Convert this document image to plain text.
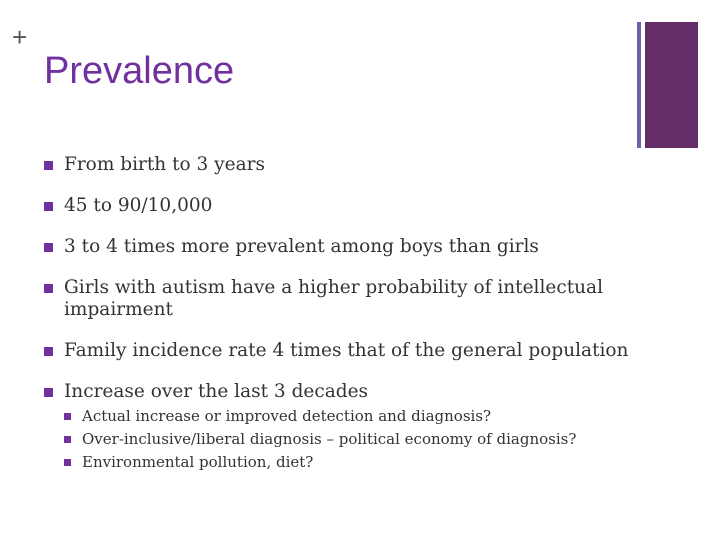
+
Prevalence
From birth to 3 years
45 to 90/10,000
3 to 4 times more prevalent among boys than girls
Girls with autism have a higher probability of intellectual impairment
Family incidence rate 4 times that of the general population
Increase over the last 3 decades
Actual increase or improved detection and diagnosis?
Over-inclusive/liberal diagnosis – political economy of diagnosis?
Environmental pollution, diet?
